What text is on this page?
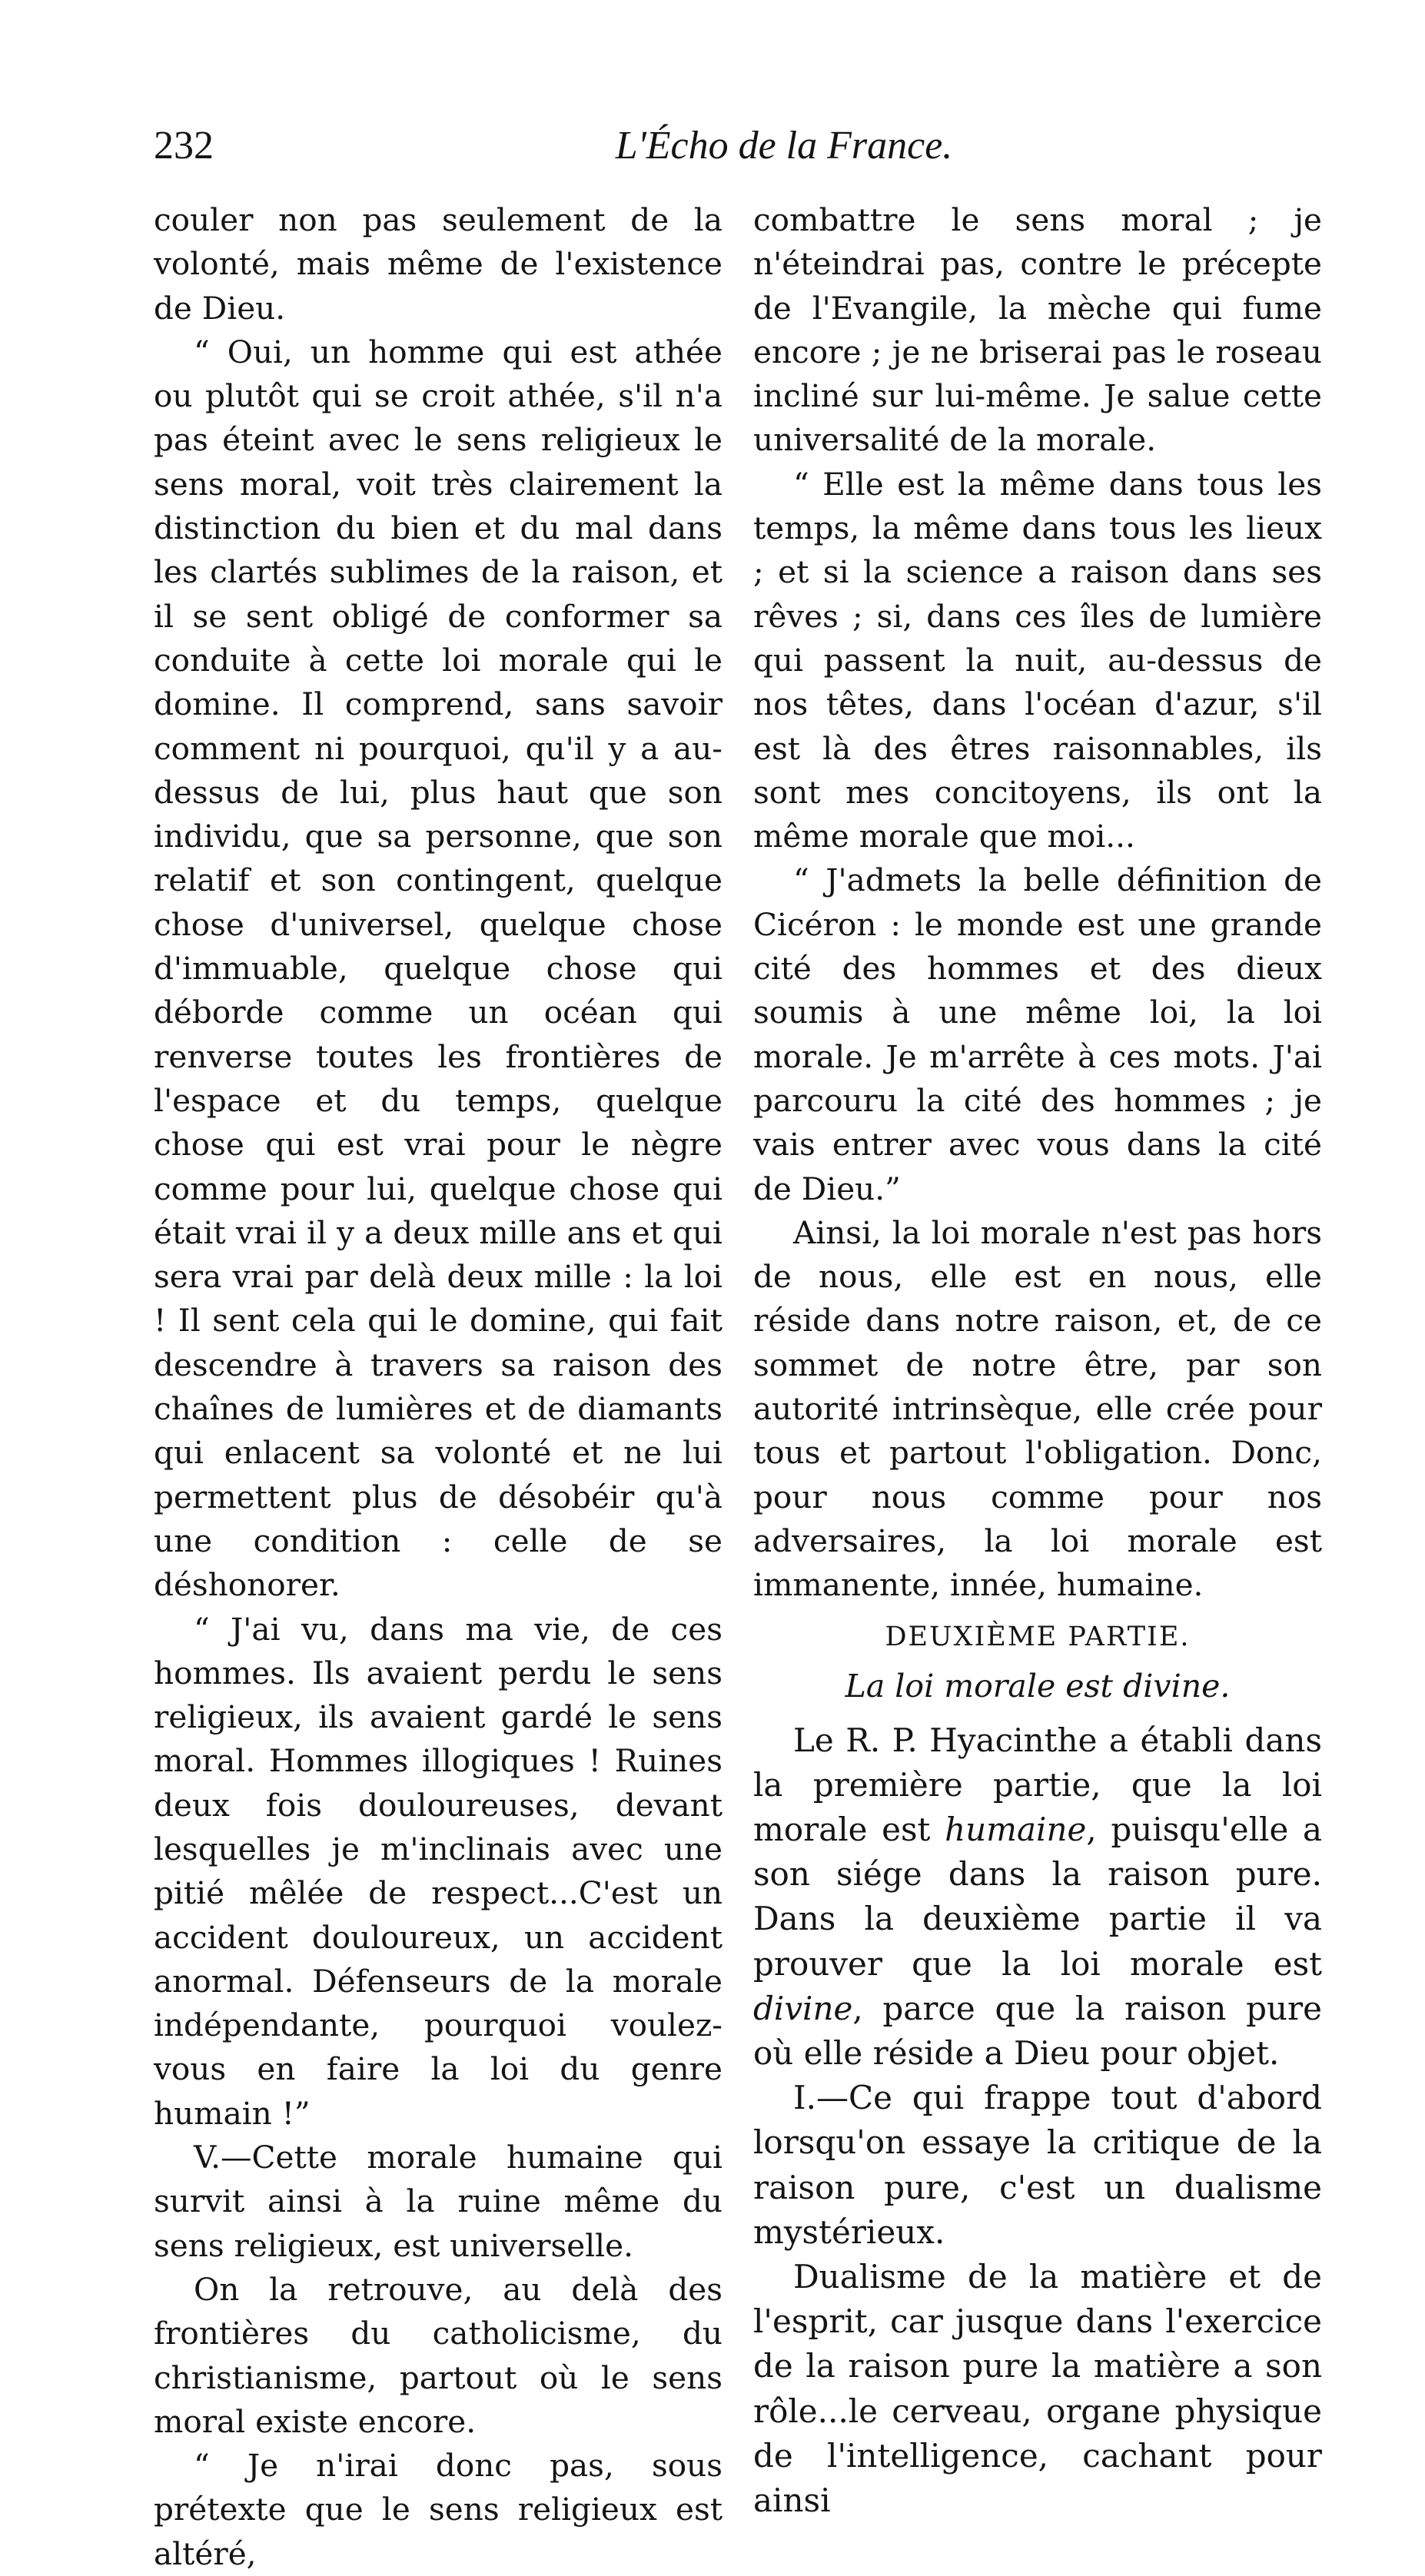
232	L'Écho de la France.

couler non pas seulement de la volonté, mais même de l'existence de Dieu.

“ Oui, un homme qui est athée ou plutôt qui se croit athée, s'il n'a pas éteint avec le sens religieux le sens moral, voit très clairement la distinction du bien et du mal dans les clartés sublimes de la raison, et il se sent obligé de conformer sa conduite à cette loi morale qui le domine. Il comprend, sans savoir comment ni pourquoi, qu'il y a au-dessus de lui, plus haut que son individu, que sa personne, que son relatif et son contingent, quelque chose d'universel, quelque chose d'immuable, quelque chose qui déborde comme un océan qui renverse toutes les frontières de l'espace et du temps, quelque chose qui est vrai pour le nègre comme pour lui, quelque chose qui était vrai il y a deux mille ans et qui sera vrai par delà deux mille : la loi ! Il sent cela qui le domine, qui fait descendre à travers sa raison des chaînes de lumières et de diamants qui enlacent sa volonté et ne lui permettent plus de désobéir qu'à une condition : celle de se déshonorer.

“ J'ai vu, dans ma vie, de ces hommes. Ils avaient perdu le sens religieux, ils avaient gardé le sens moral. Hommes illogiques ! Ruines deux fois douloureuses, devant lesquelles je m'inclinais avec une pitié mêlée de respect...C'est un accident douloureux, un accident anormal. Défenseurs de la morale indépendante, pourquoi voulez-vous en faire la loi du genre humain !”

V.—Cette morale humaine qui survit ainsi à la ruine même du sens religieux, est universelle.

On la retrouve, au delà des frontières du catholicisme, du christianisme, partout où le sens moral existe encore.

“ Je n'irai donc pas, sous prétexte que le sens religieux est altéré,

combattre le sens moral ; je n'éteindrai pas, contre le précepte de l'Evangile, la mèche qui fume encore ; je ne briserai pas le roseau incliné sur lui-même. Je salue cette universalité de la morale.

“ Elle est la même dans tous les temps, la même dans tous les lieux ; et si la science a raison dans ses rêves ; si, dans ces îles de lumière qui passent la nuit, au-dessus de nos têtes, dans l'océan d'azur, s'il est là des êtres raisonnables, ils sont mes concitoyens, ils ont la même morale que moi...

“ J'admets la belle définition de Cicéron : le monde est une grande cité des hommes et des dieux soumis à une même loi, la loi morale. Je m'arrête à ces mots. J'ai parcouru la cité des hommes ; je vais entrer avec vous dans la cité de Dieu.”

Ainsi, la loi morale n'est pas hors de nous, elle est en nous, elle réside dans notre raison, et, de ce sommet de notre être, par son autorité intrinsèque, elle crée pour tous et partout l'obligation. Donc, pour nous comme pour nos adversaires, la loi morale est immanente, innée, humaine.

DEUXIÈME PARTIE.
La loi morale est divine.

Le R. P. Hyacinthe a établi dans la première partie, que la loi morale est humaine, puisqu'elle a son siége dans la raison pure. Dans la deuxième partie il va prouver que la loi morale est divine, parce que la raison pure où elle réside a Dieu pour objet.

I.—Ce qui frappe tout d'abord lorsqu'on essaye la critique de la raison pure, c'est un dualisme mystérieux.

Dualisme de la matière et de l'esprit, car jusque dans l'exercice de la raison pure la matière a son rôle...le cerveau, organe physique de l'intelligence, cachant pour ainsi
